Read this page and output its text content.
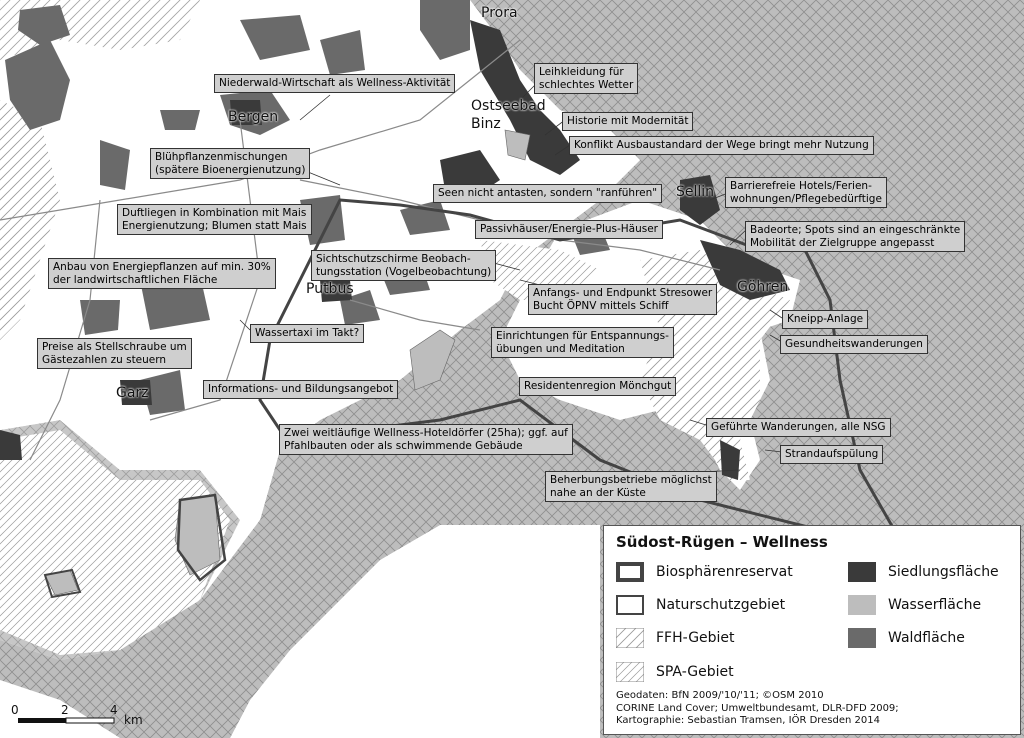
Prora
Ostseebad
Binz
Bergen
Sellin
Göhren
Putbus
Garz
Niederwald-Wirtschaft als Wellness-Aktivität
Leihkleidung für
schlechtes Wetter
Historie mit Modernität
Konflikt Ausbaustandard der Wege bringt mehr Nutzung
Blühpflanzenmischungen
(spätere Bioenergienutzung)
Seen nicht antasten, sondern "ranführen"
Barrierefreie Hotels/Ferien-
wohnungen/Pflegebedürftige
Duftliegen in Kombination mit Mais
Energienutzung; Blumen statt Mais	Passivhäuser/Energie-Plus-Häuser	Badeorte; Spots sind an eingeschränkte
Mobilität der Zielgruppe angepasst
Sichtschutzschirme Beobach-
tungsstation (Vogelbeobachtung)
Anbau von Energiepflanzen auf min. 30%
der landwirtschaftlichen Fläche
Anfangs- und Endpunkt Stresower
Bucht ÖPNV mittels Schiff
Kneipp-Anlage
Wassertaxi im Takt?	Einrichtungen für Entspannungs-
übungen und Meditation	Gesundheitswanderungen
Preise als Stellschraube um
Gästezahlen zu steuern
Residentenregion Mönchgut
Informations- und Bildungsangebot
Geführte Wanderungen, alle NSG
Zwei weitläufige Wellness-Hoteldörfer (25ha); ggf. auf
Pfahlbauten oder als schwimmende Gebäude
Strandaufspülung
Beherbungsbetriebe möglichst
nahe an der Küste
0	2	4
km
Südost-Rügen – Wellness
Biosphärenreservat
Naturschutzgebiet
FFH-Gebiet
SPA-Gebiet
Siedlungsfläche
Wasserfläche
Waldfläche
Geodaten: BfN 2009/'10/'11; ©OSM 2010
CORINE Land Cover; Umweltbundesamt, DLR-DFD 2009;
Kartographie: Sebastian Tramsen, IÖR Dresden 2014
